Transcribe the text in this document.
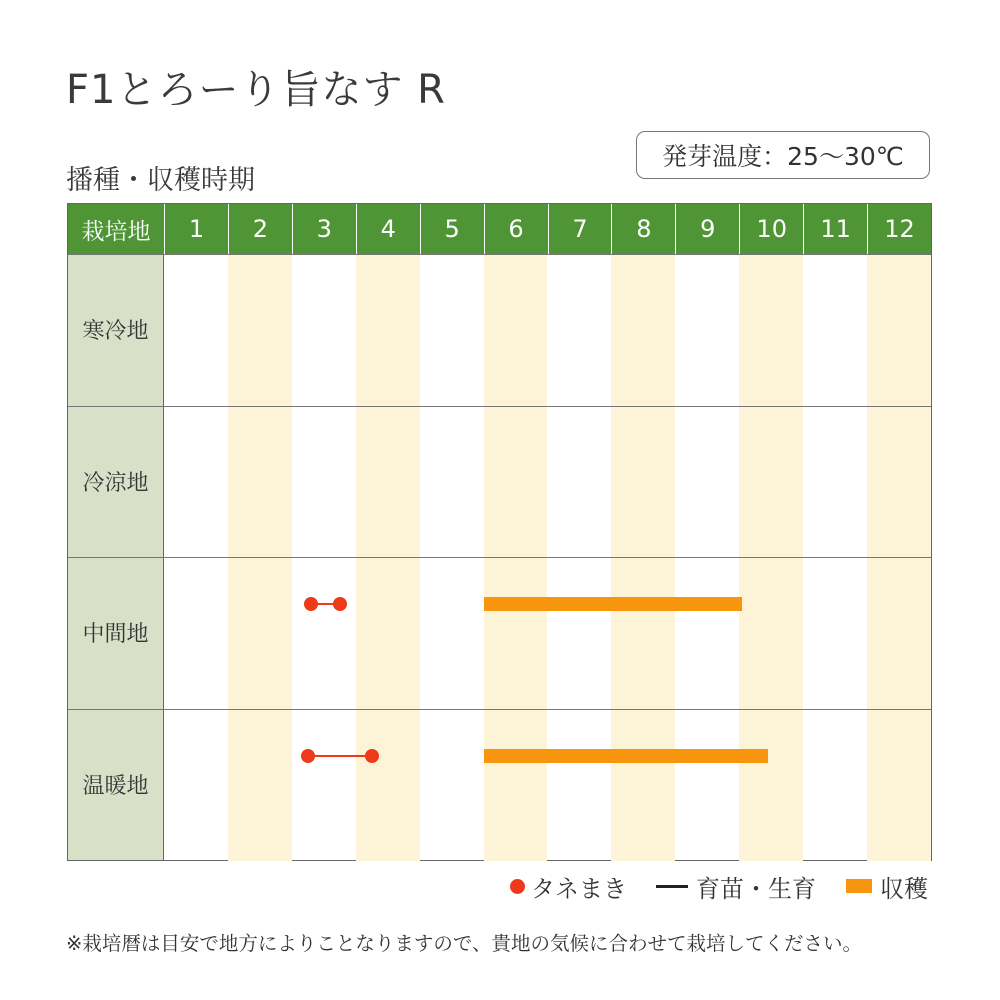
F1とろーり旨なす R
播種・収穫時期
発芽温度：25～30℃
栽培地	1	2	3	4	5	6	7	8	9	10	11	12
寒冷地
冷涼地
中間地
温暖地
タネまき	育苗・生育	収穫
※栽培暦は目安で地方によりことなりますので、貴地の気候に合わせて栽培してください。
